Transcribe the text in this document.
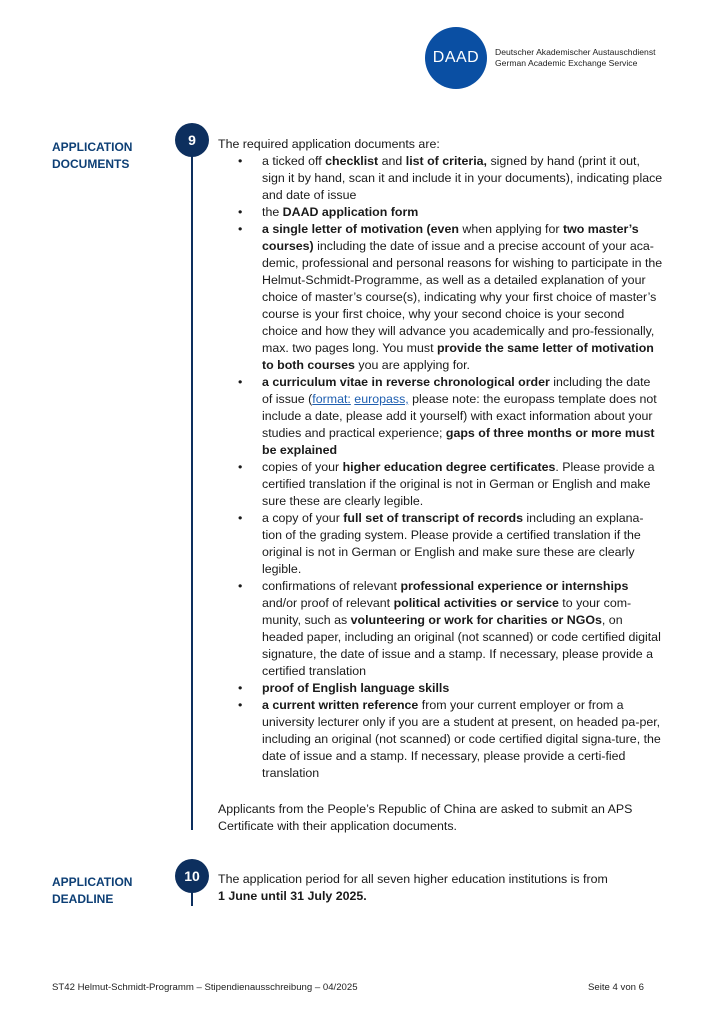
DAAD Deutscher Akademischer Austauschdienst
German Academic Exchange Service
APPLICATION
DOCUMENTS
9	The required application documents are:
• a ticked off checklist and list of criteria, signed by hand (print it out, sign it by hand, scan it and include it in your documents), indicating place and date of issue
• the DAAD application form
• a single letter of motivation (even when applying for two master’s courses) including the date of issue and a precise account of your aca-demic, professional and personal reasons for wishing to participate in the Helmut-Schmidt-Programme, as well as a detailed explanation of your choice of master’s course(s), indicating why your first choice of master’s course is your first choice, why your second choice is your second choice and how they will advance you academically and pro-fessionally, max. two pages long. You must provide the same letter of motivation to both courses you are applying for.
• a curriculum vitae in reverse chronological order including the date of issue (format: europass, please note: the europass template does not include a date, please add it yourself) with exact information about your studies and practical experience; gaps of three months or more must be explained
• copies of your higher education degree certificates. Please provide a certified translation if the original is not in German or English and make sure these are clearly legible.
• a copy of your full set of transcript of records including an explana-tion of the grading system. Please provide a certified translation if the original is not in German or English and make sure these are clearly legible.
• confirmations of relevant professional experience or internships and/or proof of relevant political activities or service to your com-munity, such as volunteering or work for charities or NGOs, on headed paper, including an original (not scanned) or code certified digital signature, the date of issue and a stamp. If necessary, please provide a certified translation
• proof of English language skills
• a current written reference from your current employer or from a university lecturer only if you are a student at present, on headed pa-per, including an original (not scanned) or code certified digital signa-ture, the date of issue and a stamp. If necessary, please provide a certi-fied translation
Applicants from the People’s Republic of China are asked to submit an APS Certificate with their application documents.
APPLICATION
DEADLINE
10	The application period for all seven higher education institutions is from
1 June until 31 July 2025.
ST42 Helmut-Schmidt-Programm – Stipendienausschreibung – 04/2025	Seite 4 von 6
